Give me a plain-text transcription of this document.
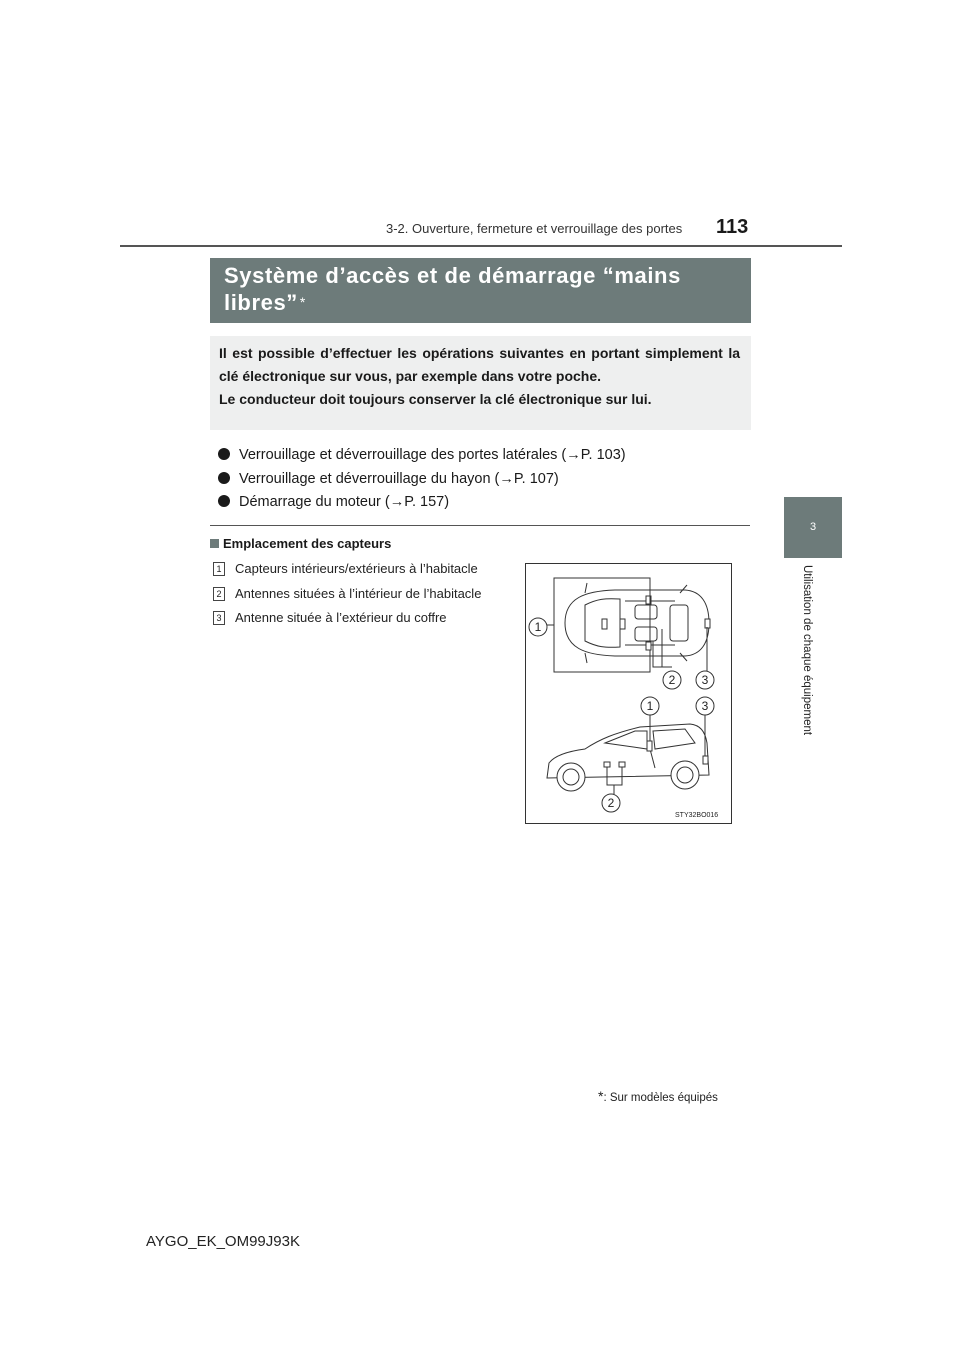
3-2. Ouverture, fermeture et verrouillage des portes 113
3
Utilisation de chaque équipement
Système d’accès et de démarrage “mains libres” *
Il est possible d’effectuer les opérations suivantes en portant simplement la clé électronique sur vous, par exemple dans votre poche.
Le conducteur doit toujours conserver la clé électronique sur lui.
Verrouillage et déverrouillage des portes latérales (→P. 103)
Verrouillage et déverrouillage du hayon (→P. 107)
Démarrage du moteur (→P. 157)
Emplacement des capteurs
1 Capteurs intérieurs/extérieurs à l’habitacle
2 Antennes situées à l’intérieur de l’habitacle
3 Antenne située à l’extérieur du coffre
1
2 3
1	3
2
STY32BO016
*: Sur modèles équipés
AYGO_EK_OM99J93K
